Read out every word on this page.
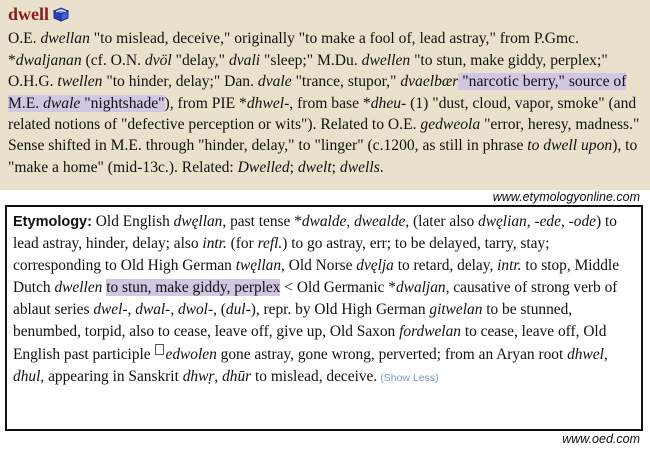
dwell
O.E. dwellan "to mislead, deceive," originally "to make a fool of, lead astray," from P.Gmc. *dwaljanan (cf. O.N. dvöl "delay," dvali "sleep;" M.Du. dwellen "to stun, make giddy, perplex;" O.H.G. twellen "to hinder, delay;" Dan. dvale "trance, stupor," dvaelbær "narcotic berry," source of M.E. dwale "nightshade"), from PIE *dhwel-, from base *dheu- (1) "dust, cloud, vapor, smoke" (and related notions of "defective perception or wits"). Related to O.E. gedweola "error, heresy, madness." Sense shifted in M.E. through "hinder, delay," to "linger" (c.1200, as still in phrase to dwell upon), to "make a home" (mid-13c.). Related: Dwelled; dwelt; dwells.
www.etymologyonline.com
Etymology: Old English dwęllan, past tense *dwalde, dwealde, (later also dwęlian, -ede, -ode) to lead astray, hinder, delay; also intr. (for refl.) to go astray, err; to be delayed, tarry, stay; corresponding to Old High German twęllan, Old Norse dvęlja to retard, delay, intr. to stop, Middle Dutch dwellen to stun, make giddy, perplex < Old Germanic *dwaljan, causative of strong verb of ablaut series dwel-, dwal-, dwol-, (dul-), repr. by Old High German gitwelan to be stunned, benumbed, torpid, also to cease, leave off, give up, Old Saxon fordwelan to cease, leave off, Old English past participle edwolen gone astray, gone wrong, perverted; from an Aryan root dhwel, dhul, appearing in Sanskrit dhwṛ, dhūr to mislead, deceive. (Show Less)
www.oed.com
